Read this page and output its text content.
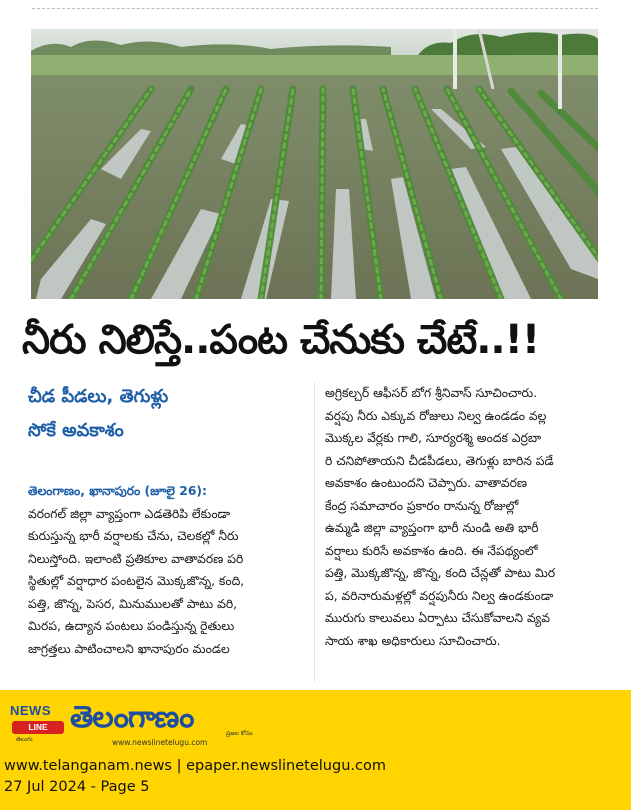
నీరు నిలిస్తే..పంట చేనుకు చేటే..!!
చీడ పీడలు, తెగుళ్లు
సోకే అవకాశం
తెలంగాణం, ఖానాపురం (జూలై 26):
వరంగల్ జిల్లా వ్యాప్తంగా ఎడతెరిపి లేకుండా
కురుస్తున్న భారీ వర్షాలకు చేను, చెలకల్లో నీరు
నిలుస్తోంది. ఇలాంటి ప్రతికూల వాతావరణ పరి
స్థితుల్లో వర్షాధార పంటలైన మొక్కజొన్న, కంది,
పత్తి, జొన్న, పెసర, మినుములతో పాటు వరి,
మిరప, ఉద్యాన పంటలు పండిస్తున్న రైతులు
జాగ్రత్తలు పాటించాలని ఖానాపురం మండల
అగ్రికల్చర్ ఆఫీసర్ బోగ శ్రీనివాస్ సూచించారు.
వర్షపు నీరు ఎక్కువ రోజులు నిల్వ ఉండడం వల్ల
మొక్కల వేర్లకు గాలి, సూర్యరశ్మి అందక ఎర్రబా
రి చనిపోతాయని చీడపీడలు, తెగుళ్లు బారిన పడే
అవకాశం ఉంటుందని చెప్పారు. వాతావరణ
కేంద్ర సమాచారం ప్రకారం రానున్న రోజుల్లో
ఉమ్మడి జిల్లా వ్యాప్తంగా భారీ నుండి అతి భారీ
వర్షాలు కురిసే అవకాశం ఉంది. ఈ నేపథ్యంలో
పత్తి, మొక్కజొన్న, జొన్న, కంది చేన్లతో పాటు మిర
ప, వరినారుమళ్లల్లో వర్షపునీరు నిల్వ ఉండకుండా
మురుగు కాలువలు ఏర్పాటు చేసుకోవాలని వ్యవ
సాయ శాఖ అధికారులు సూచించారు.
NEWS
LINE
తెలుగు
తెలంగాణం
www.newslinetelugu.com
ప్రజల కోసం
www.telanganam.news | epaper.newslinetelugu.com
27 Jul 2024 - Page 5
